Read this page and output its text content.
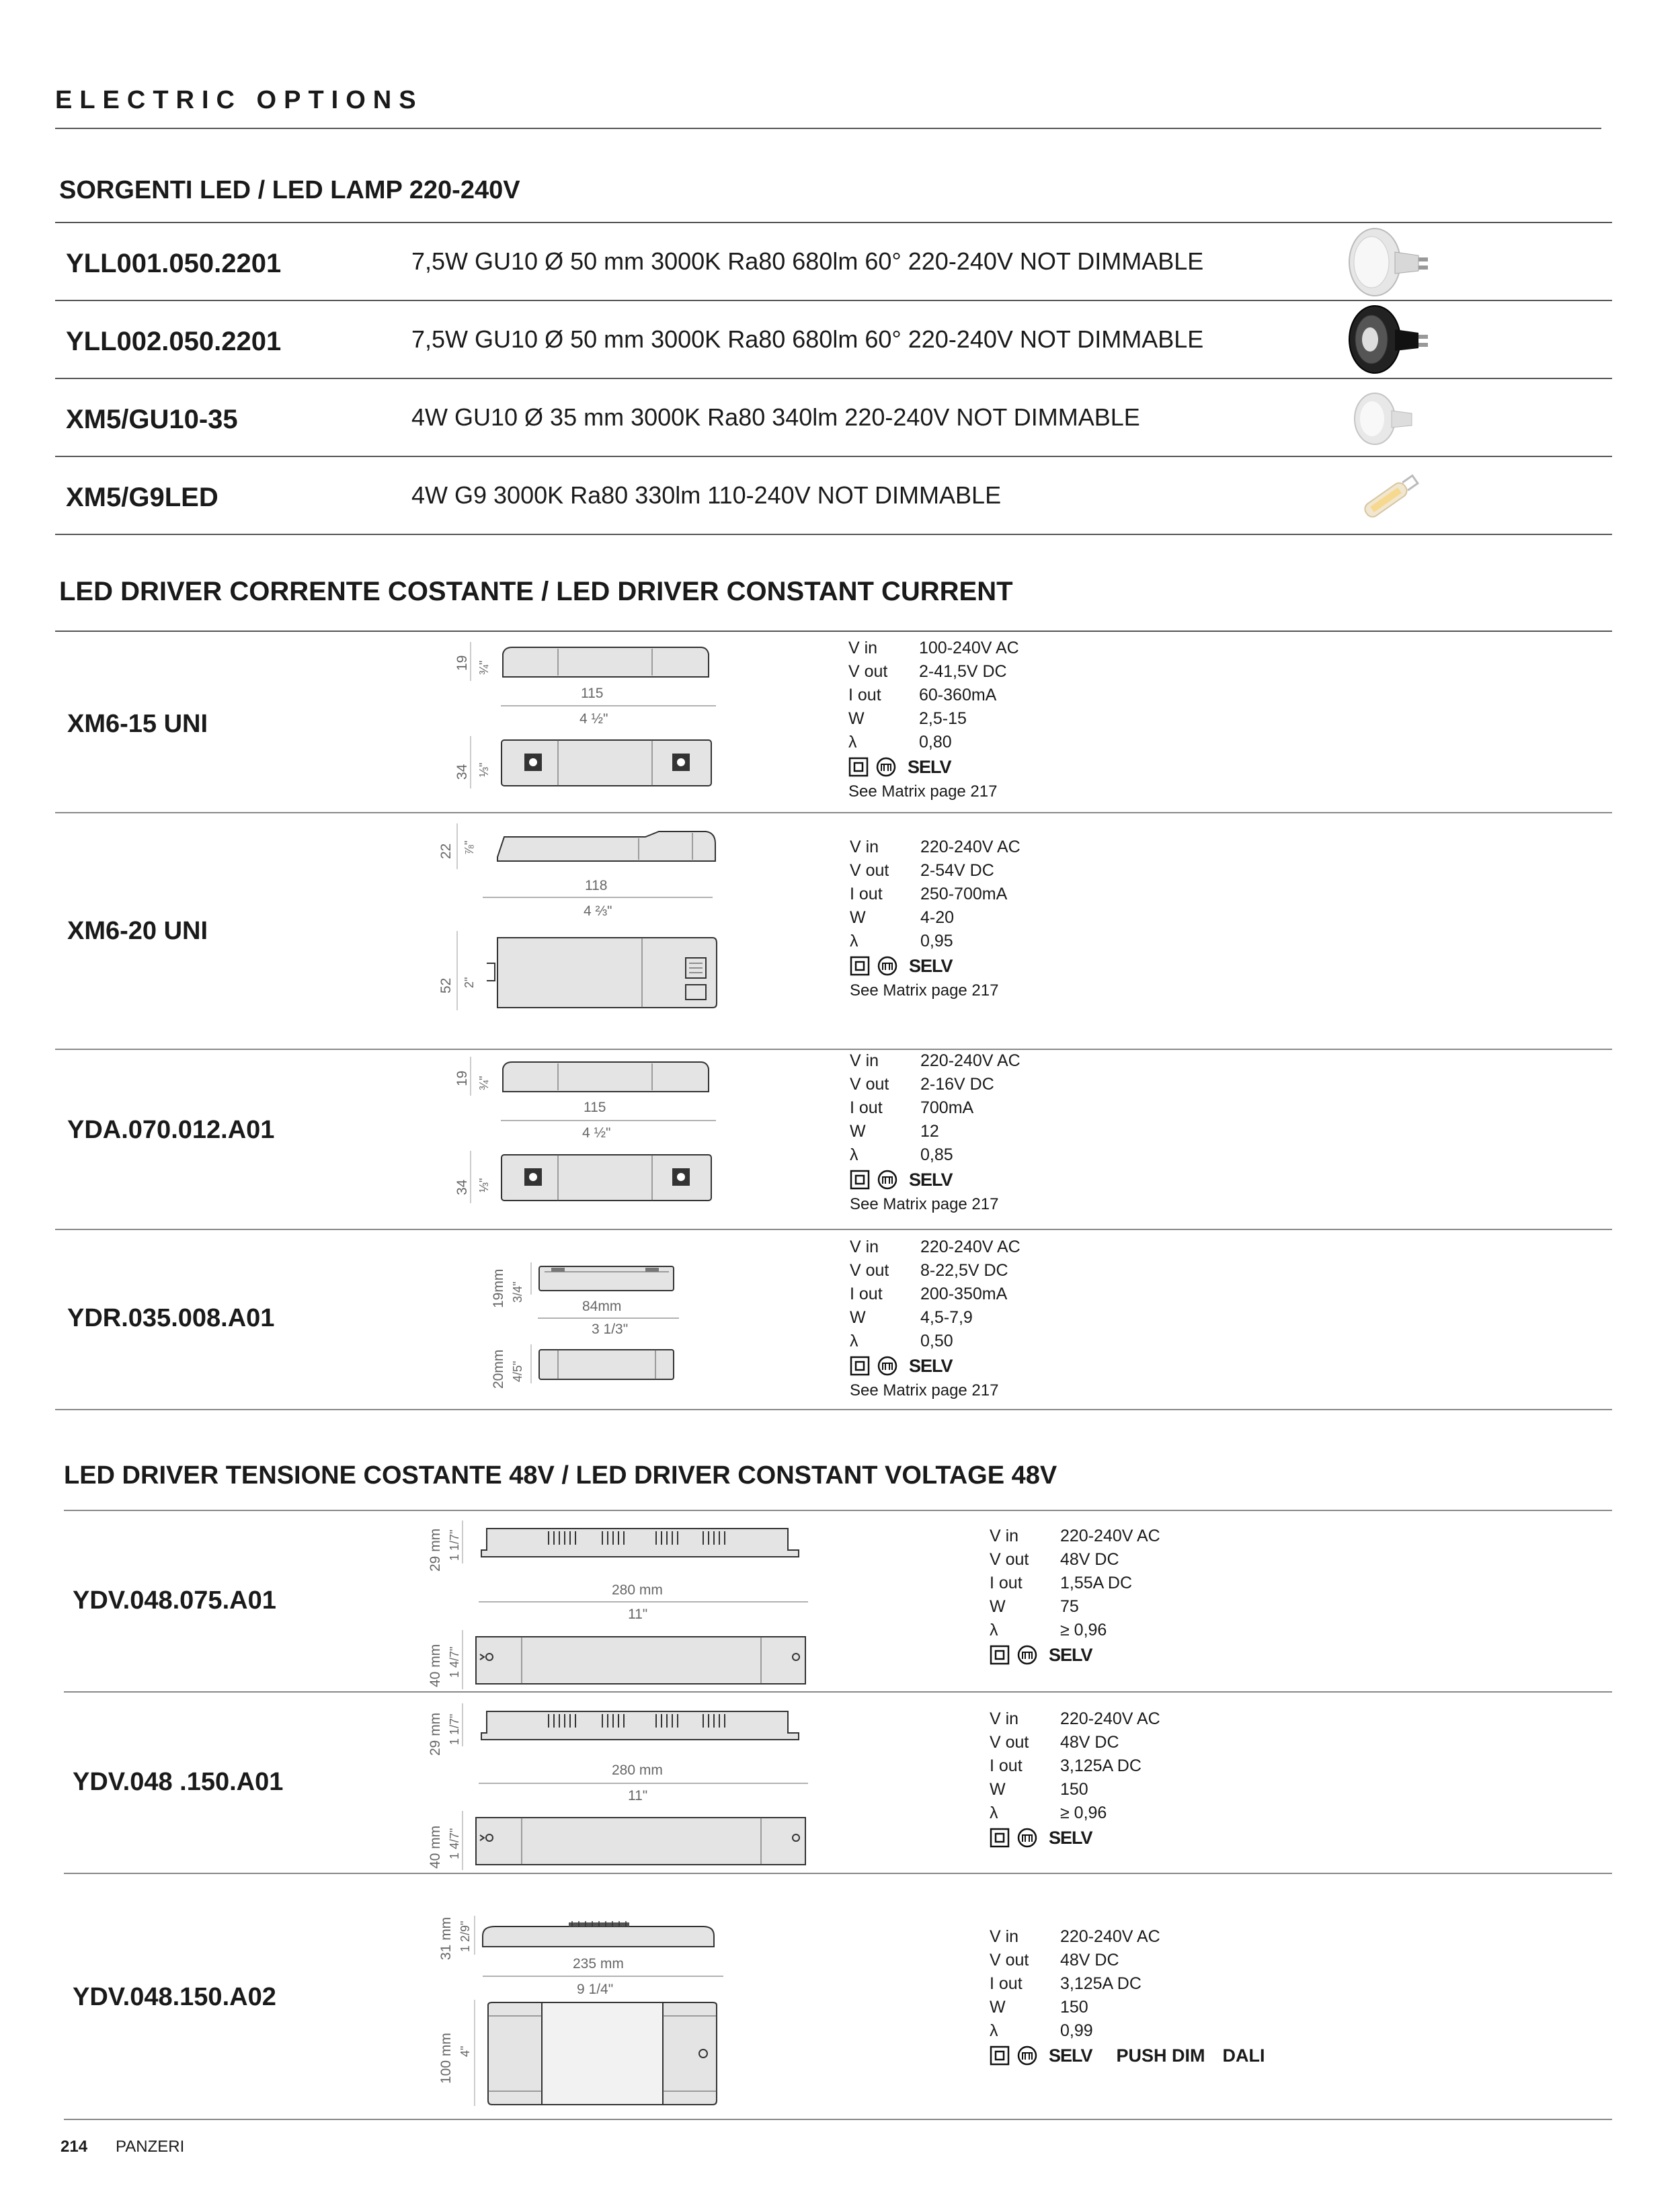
ELECTRIC OPTIONS
SORGENTI LED / LED LAMP 220-240V
YLL001.050.2201	7,5W GU10 Ø 50 mm 3000K Ra80 680lm 60° 220-240V NOT DIMMABLE
YLL002.050.2201	7,5W GU10 Ø 50 mm 3000K Ra80 680lm 60° 220-240V NOT DIMMABLE
XM5/GU10-35	4W GU10 Ø 35 mm 3000K Ra80 340lm 220-240V NOT DIMMABLE
XM5/G9LED	4W G9 3000K Ra80 330lm 110-240V NOT DIMMABLE
LED DRIVER CORRENTE COSTANTE / LED DRIVER CONSTANT CURRENT
XM6-15 UNI
19 ¾"
115
4 ½"
34 ⅓"
V in	100-240V AC
V out	2-41,5V DC
I out	60-360mA
W	2,5-15
λ	0,80
SELV
See Matrix page 217
XM6-20 UNI
22 ⅞"
118
4 ⅔"
52 2"
V in	220-240V AC
V out	2-54V DC
I out	250-700mA
W	4-20
λ	0,95
SELV
See Matrix page 217
YDA.070.012.A01
19 ¾"
115
4 ½"
34 ⅓"
V in	220-240V AC
V out	2-16V DC
I out	700mA
W	12
λ	0,85
SELV
See Matrix page 217
YDR.035.008.A01
19mm 3/4"
84mm
3 1/3"
20mm 4/5"
V in	220-240V AC
V out	8-22,5V DC
I out	200-350mA
W	4,5-7,9
λ	0,50
SELV
See Matrix page 217
LED DRIVER TENSIONE COSTANTE 48V / LED DRIVER CONSTANT VOLTAGE 48V
YDV.048.075.A01
29 mm 1 1/7"
280 mm
11"
40 mm 1 4/7"
V in	220-240V AC
V out	48V DC
I out	1,55A DC
W	75
λ	≥ 0,96
SELV
YDV.048 .150.A01
29 mm 1 1/7"
280 mm
11"
40 mm 1 4/7"
V in	220-240V AC
V out	48V DC
I out	3,125A DC
W	150
λ	≥ 0,96
SELV
YDV.048.150.A02
31 mm 1 2/9"
235 mm
9 1/4"
100 mm 4"
V in	220-240V AC
V out	48V DC
I out	3,125A DC
W	150
λ	0,99
SELV PUSH DIM DALI
214 PANZERI
